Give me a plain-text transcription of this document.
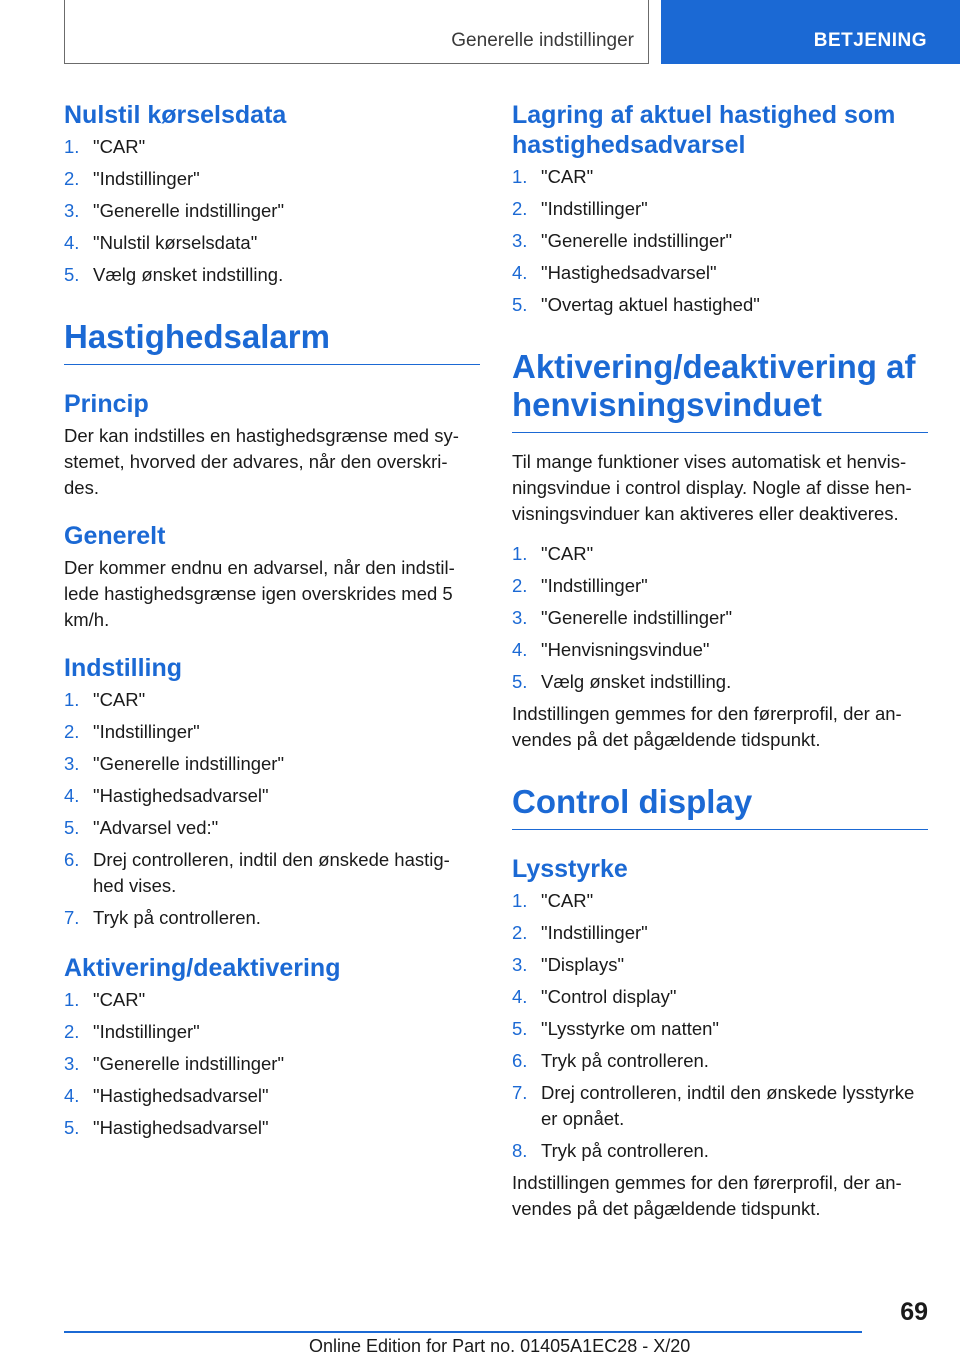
Generelle indstillinger	BETJENING
Nulstil kørselsdata
1. "CAR"
2. "Indstillinger"
3. "Generelle indstillinger"
4. "Nulstil kørselsdata"
5. Vælg ønsket indstilling.
Hastighedsalarm
Princip

Der kan indstilles en hastighedsgrænse med sy-stemet, hvorved der advares, når den overskri-des.

Generelt

Der kommer endnu en advarsel, når den indstil-lede hastighedsgrænse igen overskrides med 5 km/h.

Indstilling
1. "CAR"
2. "Indstillinger"
3. "Generelle indstillinger"
4. "Hastighedsadvarsel"
5. "Advarsel ved:"
6. Drej controlleren, indtil den ønskede hastig-hed vises.
7. Tryk på controlleren.
Aktivering/deaktivering
1. "CAR"
2. "Indstillinger"
3. "Generelle indstillinger"
4. "Hastighedsadvarsel"
5. "Hastighedsadvarsel"
Lagring af aktuel hastighed som hastighedsadvarsel
1. "CAR"
2. "Indstillinger"
3. "Generelle indstillinger"
4. "Hastighedsadvarsel"
5. "Overtag aktuel hastighed"
Aktivering/deaktivering af henvisningsvinduet

Til mange funktioner vises automatisk et henvis-ningsvindue i control display. Nogle af disse hen-visningsvinduer kan aktiveres eller deaktiveres.

1. "CAR"
2. "Indstillinger"
3. "Generelle indstillinger"
4. "Henvisningsvindue"
5. Vælg ønsket indstilling.

Indstillingen gemmes for den førerprofil, der an-vendes på det pågældende tidspunkt.

Control display
Lysstyrke
1. "CAR"
2. "Indstillinger"
3. "Displays"
4. "Control display"
5. "Lysstyrke om natten"
6. Tryk på controlleren.
7. Drej controlleren, indtil den ønskede lysstyrke er opnået.
8. Tryk på controlleren.

Indstillingen gemmes for den førerprofil, der an-vendes på det pågældende tidspunkt.

69
Online Edition for Part no. 01405A1EC28 - X/20
